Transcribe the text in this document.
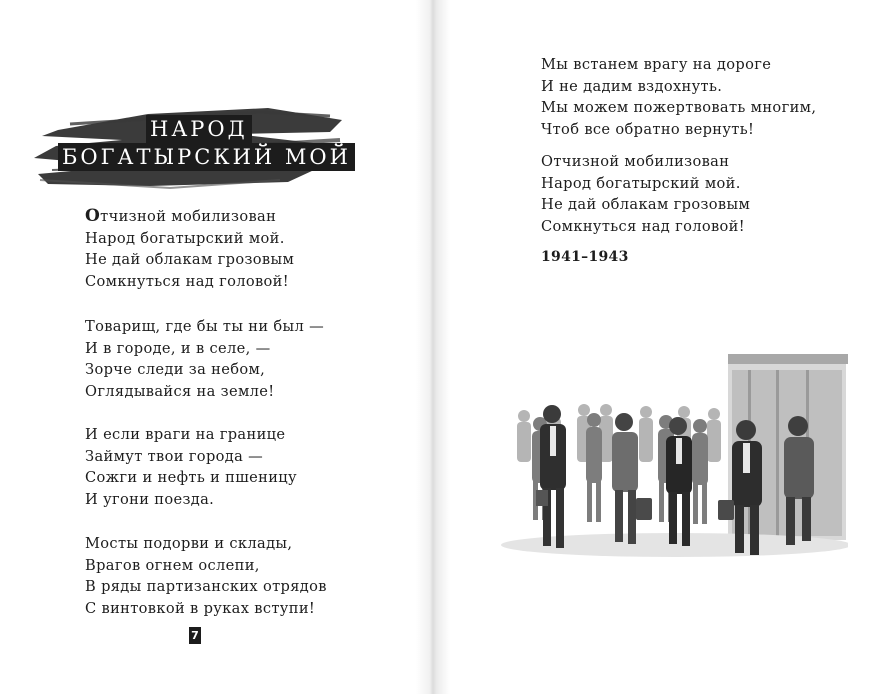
НАРОД
БОГАТЫРСКИЙ МОЙ
Отчизной мобилизован
Народ богатырский мой.
Не дай облакам грозовым
Сомкнуться над головой!
Товарищ, где бы ты ни был —
И в городе, и в селе, —
Зорче следи за небом,
Оглядывайся на земле!
И если враги на границе
Займут твои города —
Сожги и нефть и пшеницу
И угони поезда.
Мосты подорви и склады,
Врагов огнем ослепи,
В ряды партизанских отрядов
С винтовкой в руках вступи!
7
Мы встанем врагу на дороге
И не дадим вздохнуть.
Мы можем пожертвовать многим,
Чтоб все обратно вернуть!
Отчизной мобилизован
Народ богатырский мой.
Не дай облакам грозовым
Сомкнуться над головой!
1941–1943
